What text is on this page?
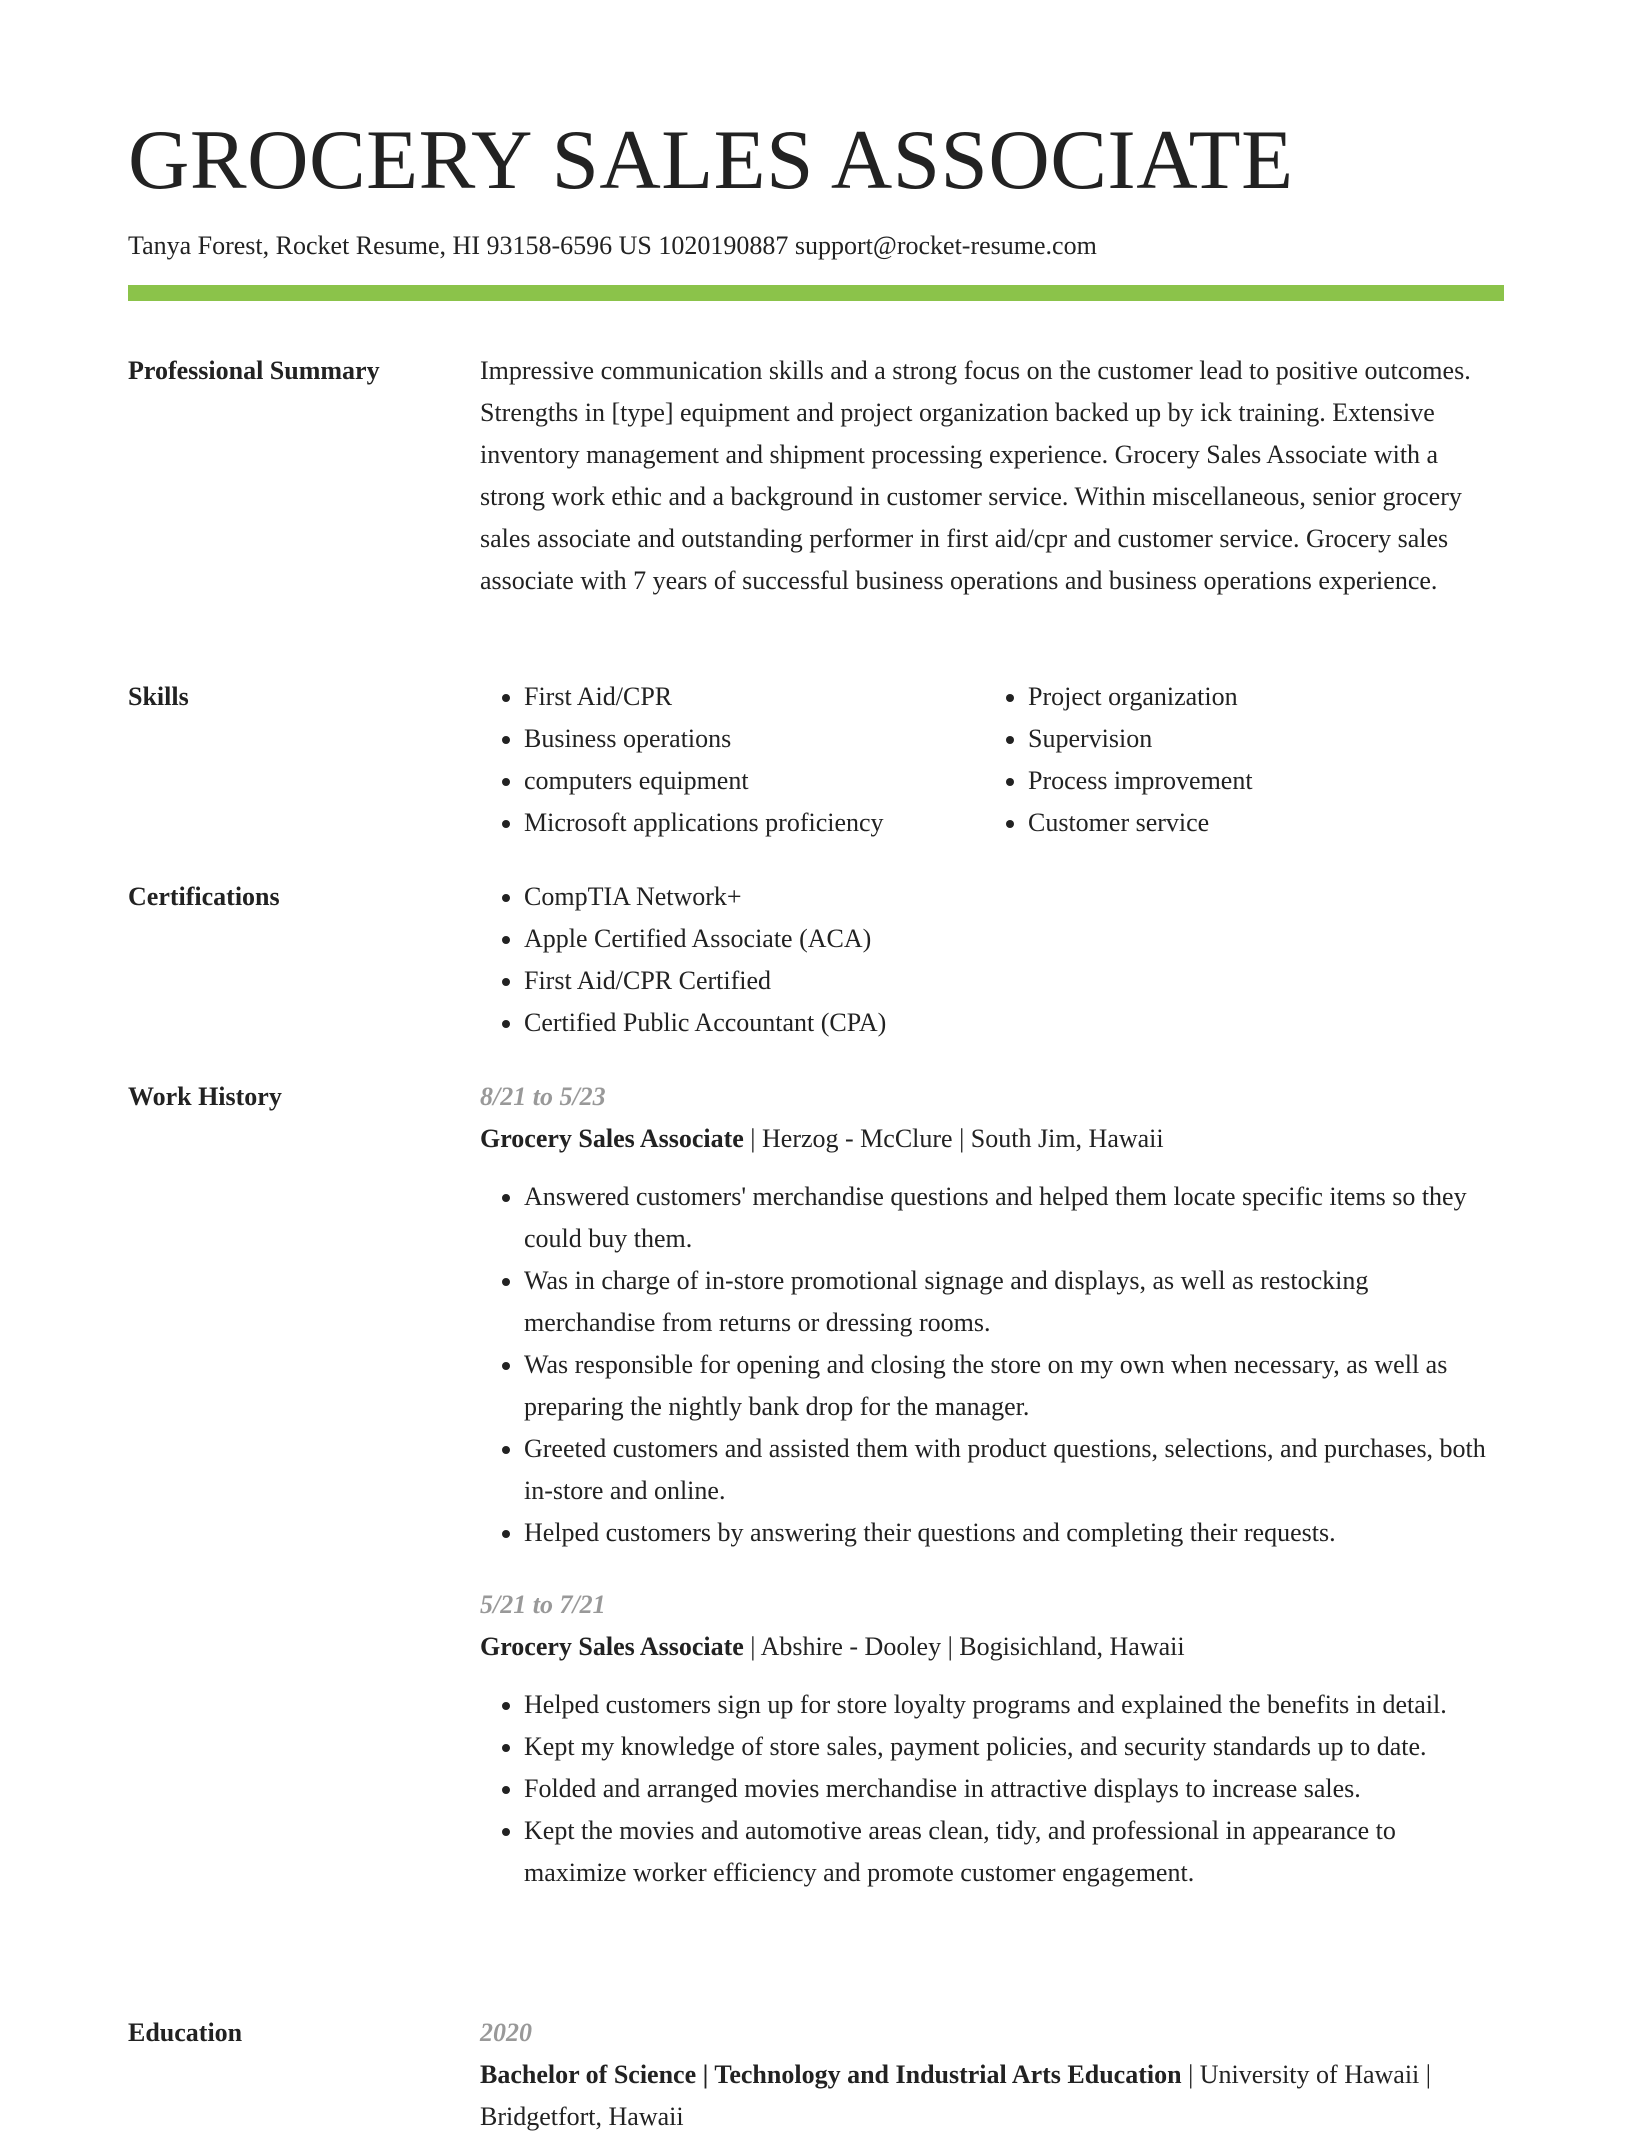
GROCERY SALES ASSOCIATE
Tanya Forest, Rocket Resume, HI 93158-6596 US 1020190887 support@rocket-resume.com
Professional Summary	Impressive communication skills and a strong focus on the customer lead to positive outcomes. Strengths in [type] equipment and project organization backed up by ick training. Extensive inventory management and shipment processing experience. Grocery Sales Associate with a strong work ethic and a background in customer service. Within miscellaneous, senior grocery sales associate and outstanding performer in first aid/cpr and customer service. Grocery sales associate with 7 years of successful business operations and business operations experience.

Skills	• First Aid/CPR
• Business operations
• computers equipment
• Microsoft applications proficiency
• Project organization
• Supervision
• Process improvement
• Customer service
Certifications	• CompTIA Network+
• Apple Certified Associate (ACA)
• First Aid/CPR Certified
• Certified Public Accountant (CPA)
Work History	8/21 to 5/23
Grocery Sales Associate | Herzog - McClure | South Jim, Hawaii
• Answered customers' merchandise questions and helped them locate specific items so they could buy them.
• Was in charge of in-store promotional signage and displays, as well as restocking merchandise from returns or dressing rooms.
• Was responsible for opening and closing the store on my own when necessary, as well as preparing the nightly bank drop for the manager.
• Greeted customers and assisted them with product questions, selections, and purchases, both in-store and online.
• Helped customers by answering their questions and completing their requests.
5/21 to 7/21
Grocery Sales Associate | Abshire - Dooley | Bogisichland, Hawaii
• Helped customers sign up for store loyalty programs and explained the benefits in detail.
• Kept my knowledge of store sales, payment policies, and security standards up to date.
• Folded and arranged movies merchandise in attractive displays to increase sales.
• Kept the movies and automotive areas clean, tidy, and professional in appearance to maximize worker efficiency and promote customer engagement.
Education	2020
Bachelor of Science | Technology and Industrial Arts Education | University of Hawaii | Bridgetfort, Hawaii
